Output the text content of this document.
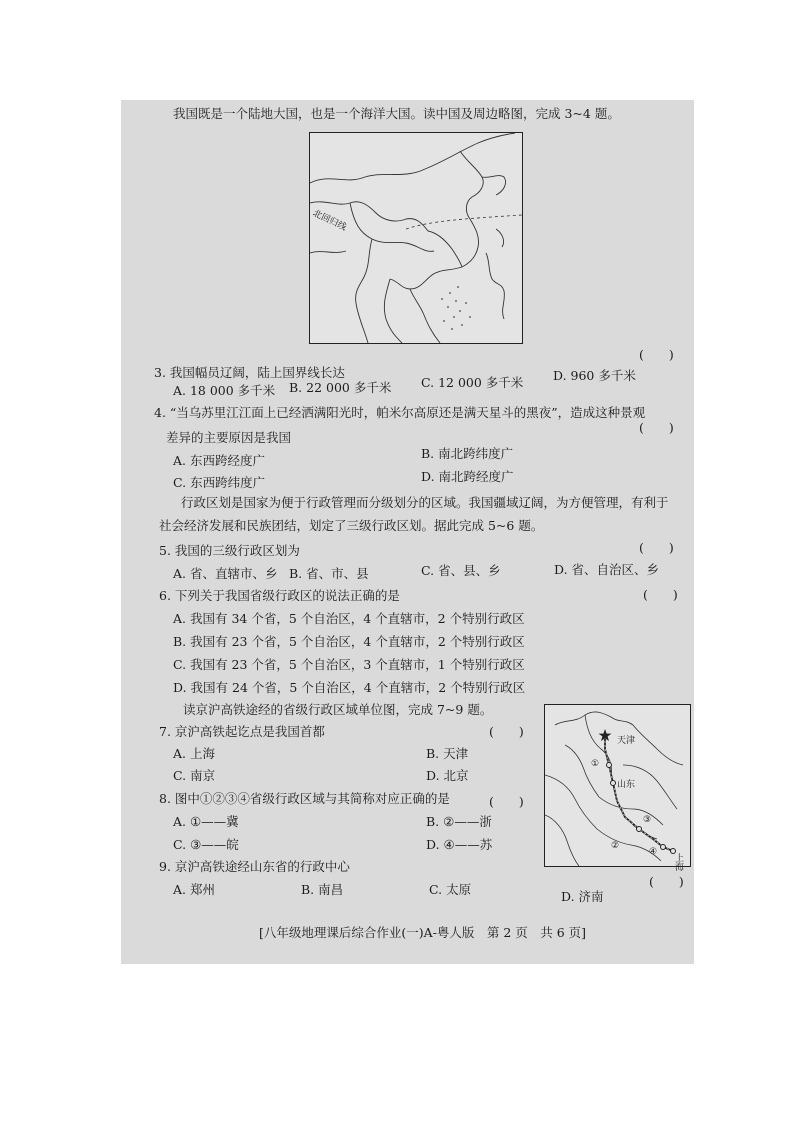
我国既是一个陆地大国，也是一个海洋大国。读中国及周边略图，完成 3~4 题。
北回归线
3. 我国幅员辽阔，陆上国界线长达
(　　)
A. 18 000 多千米 B. 22 000 多千米 C. 12 000 多千米 D. 960 多千米
4. “当乌苏里江江面上已经洒满阳光时，帕米尔高原还是满天星斗的黑夜”，造成这种景观
(　　)
差异的主要原因是我国
A. 东西跨经度广	B. 南北跨纬度广
C. 东西跨纬度广	D. 南北跨经度广
行政区划是国家为便于行政管理而分级划分的区域。我国疆域辽阔，为方便管理，有利于
社会经济发展和民族团结，划定了三级行政区划。据此完成 5~6 题。
5. 我国的三级行政区划为	(　　)
A. 省、直辖市、乡 B. 省、市、县	C. 省、县、乡	D. 省、自治区、乡
6. 下列关于我国省级行政区的说法正确的是	(　　)
A. 我国有 34 个省，5 个自治区，4 个直辖市，2 个特别行政区
B. 我国有 23 个省，5 个自治区，4 个直辖市，2 个特别行政区
C. 我国有 23 个省，5 个自治区，3 个直辖市，1 个特别行政区
D. 我国有 24 个省，5 个自治区，4 个直辖市，2 个特别行政区
读京沪高铁途经的省级行政区域单位图，完成 7~9 题。
天津
山东
上海
①
②
③
④
7. 京沪高铁起讫点是我国首都	(　　)
A. 上海	B. 天津
C. 南京	D. 北京
8. 图中①②③④省级行政区域与其简称对应正确的是	(　　)
A. ①——冀	B. ②——浙
C. ③——皖	D. ④——苏
9. 京沪高铁途经山东省的行政中心
(　　)
A. 郑州	B. 南昌	C. 太原	D. 济南
[八年级地理课后综合作业(一)A-粤人版　第 2 页　共 6 页]
